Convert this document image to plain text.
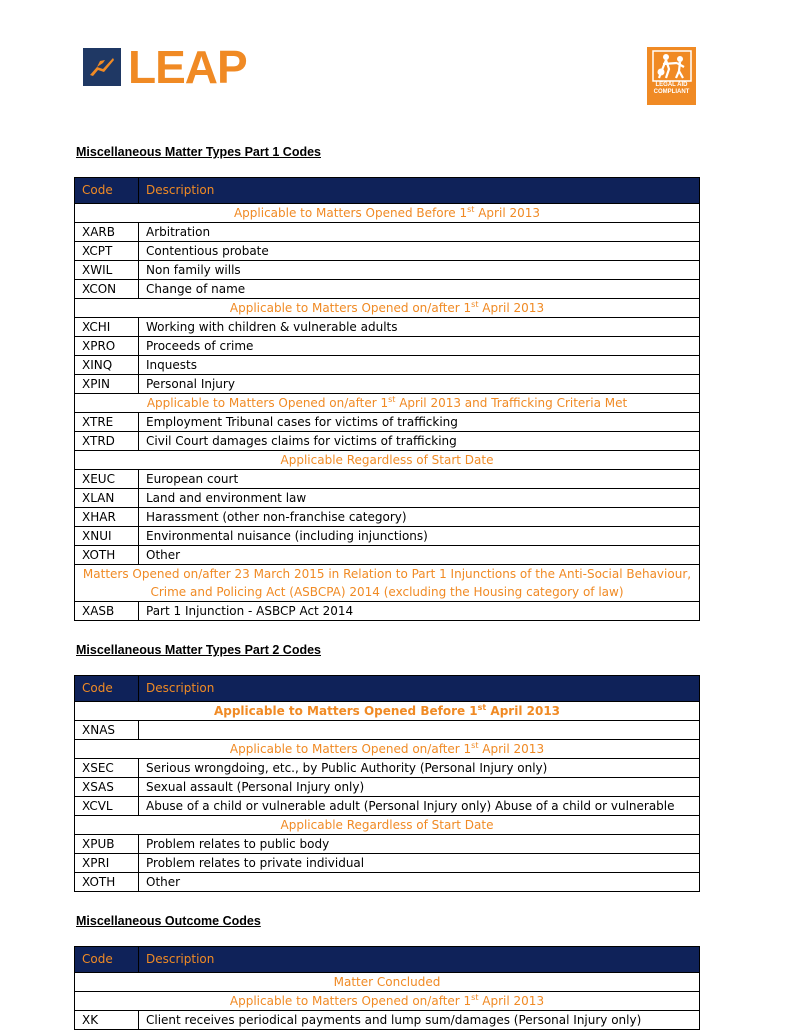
LEAP	LEGAL AID
COMPLIANT
Miscellaneous Matter Types Part 1 Codes
Miscellaneous Matter Types Part 2 Codes
Miscellaneous Outcome Codes
Code	Description
Applicable to Matters Opened Before 1st April 2013	
XARB	Arbitration
XCPT	Contentious probate
XWIL	Non family wills
XCON	Change of name
Applicable to Matters Opened on/after 1st April 2013	
XCHI	Working with children & vulnerable adults
XPRO	Proceeds of crime
XINQ	Inquests
XPIN	Personal Injury
Applicable to Matters Opened on/after 1st April 2013 and Trafficking Criteria Met	
XTRE	Employment Tribunal cases for victims of trafficking
XTRD	Civil Court damages claims for victims of trafficking
Applicable Regardless of Start Date	
XEUC	European court
XLAN	Land and environment law
XHAR	Harassment (other non-franchise category)
XNUI	Environmental nuisance (including injunctions)
XOTH	Other
Matters Opened on/after 23 March 2015 in Relation to Part 1 Injunctions of the Anti-Social Behaviour, Crime and Policing Act (ASBCPA) 2014 (excluding the Housing category of law)	
XASB	Part 1 Injunction - ASBCP Act 2014
Code	Description
Applicable to Matters Opened Before 1st April 2013	
XNAS	
Applicable to Matters Opened on/after 1st April 2013	
XSEC	Serious wrongdoing, etc., by Public Authority (Personal Injury only)
XSAS	Sexual assault (Personal Injury only)
XCVL	Abuse of a child or vulnerable adult (Personal Injury only) Abuse of a child or vulnerable
Applicable Regardless of Start Date	
XPUB	Problem relates to public body
XPRI	Problem relates to private individual
XOTH	Other
Code	Description
Matter Concluded	
Applicable to Matters Opened on/after 1st April 2013	
XK	Client receives periodical payments and lump sum/damages (Personal Injury only)
